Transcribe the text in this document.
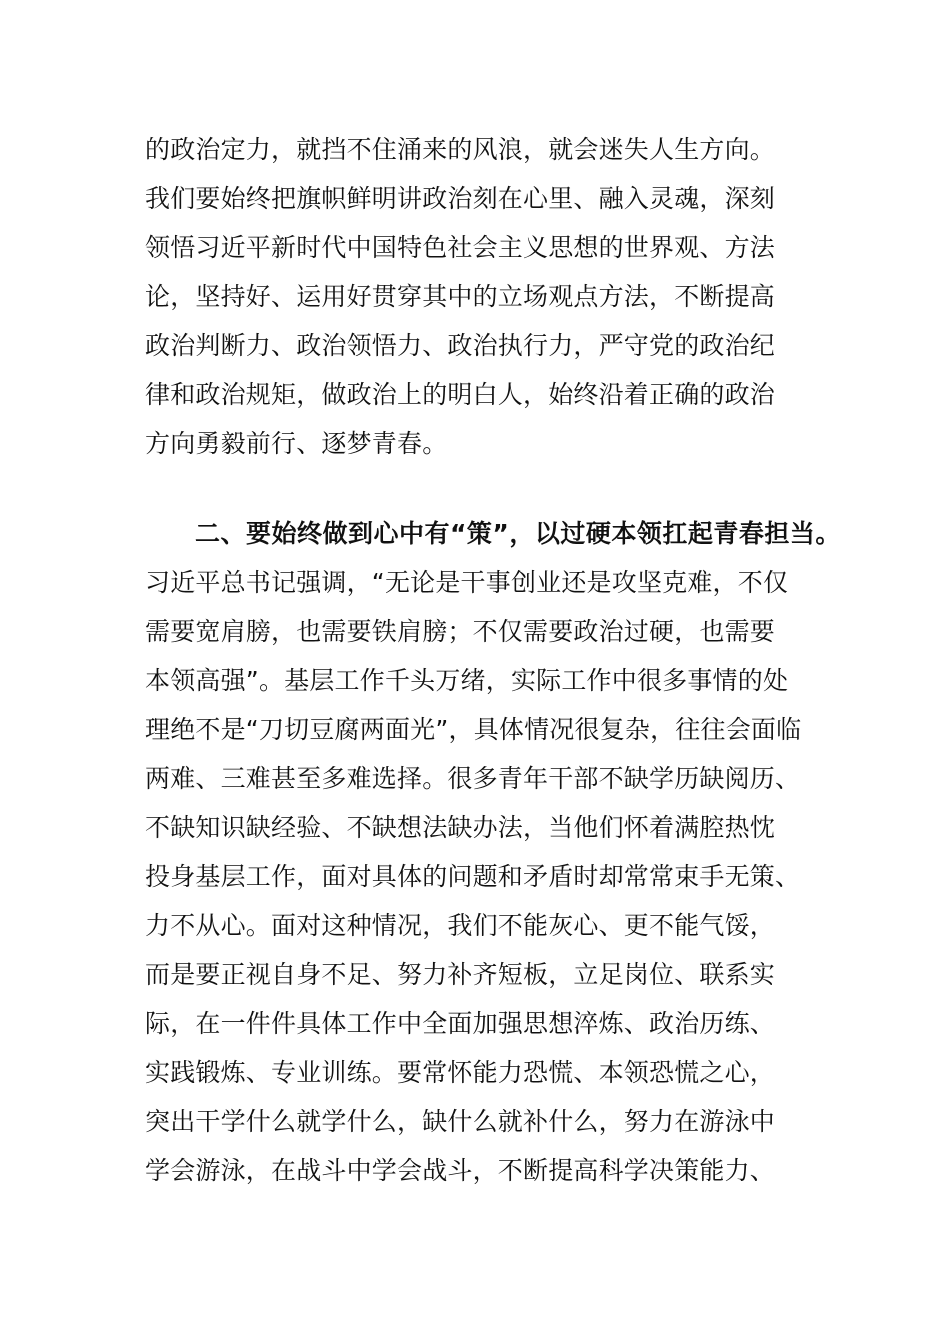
的政治定力，就挡不住涌来的风浪，就会迷失人生方向。
我们要始终把旗帜鲜明讲政治刻在心里、融入灵魂，深刻
领悟习近平新时代中国特色社会主义思想的世界观、方法
论，坚持好、运用好贯穿其中的立场观点方法，不断提高
政治判断力、政治领悟力、政治执行力，严守党的政治纪
律和政治规矩，做政治上的明白人，始终沿着正确的政治
方向勇毅前行、逐梦青春。
二、要始终做到心中有“策”，以过硬本领扛起青春担当。
习近平总书记强调，“无论是干事创业还是攻坚克难，不仅
需要宽肩膀，也需要铁肩膀；不仅需要政治过硬，也需要
本领高强”。基层工作千头万绪，实际工作中很多事情的处
理绝不是“刀切豆腐两面光”，具体情况很复杂，往往会面临
两难、三难甚至多难选择。很多青年干部不缺学历缺阅历、
不缺知识缺经验、不缺想法缺办法，当他们怀着满腔热忱
投身基层工作，面对具体的问题和矛盾时却常常束手无策、
力不从心。面对这种情况，我们不能灰心、更不能气馁，
而是要正视自身不足、努力补齐短板，立足岗位、联系实
际，在一件件具体工作中全面加强思想淬炼、政治历练、
实践锻炼、专业训练。要常怀能力恐慌、本领恐慌之心，
突出干学什么就学什么，缺什么就补什么，努力在游泳中
学会游泳，在战斗中学会战斗，不断提高科学决策能力、
